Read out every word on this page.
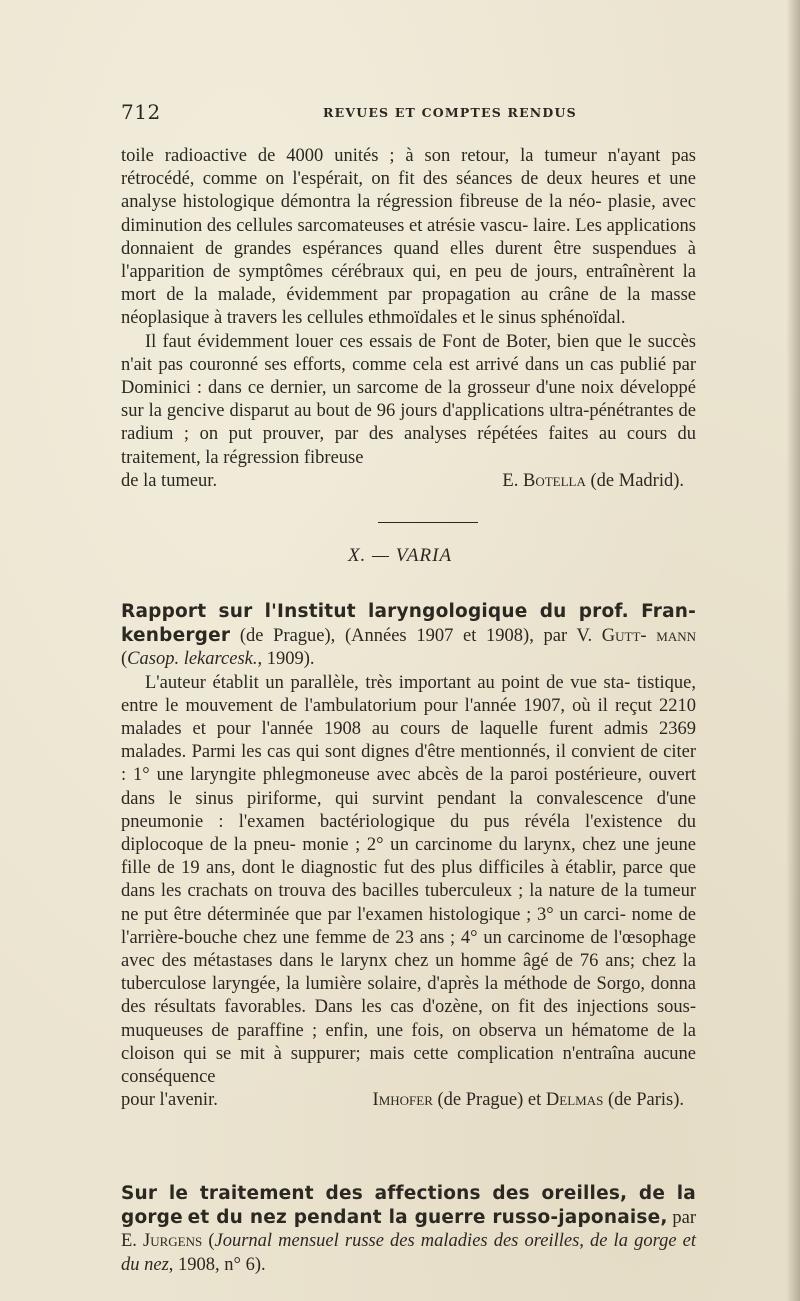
712	REVUES ET COMPTES RENDUS

toile radioactive de 4000 unités ; à son retour, la tumeur n'ayant pas rétrocédé, comme on l'espérait, on fit des séances de deux heures et une analyse histologique démontra la régression fibreuse de la néo- plasie, avec diminution des cellules sarcomateuses et atrésie vascu- laire. Les applications donnaient de grandes espérances quand elles durent être suspendues à l'apparition de symptômes cérébraux qui, en peu de jours, entraînèrent la mort de la malade, évidemment par propagation au crâne de la masse néoplasique à travers les cellules ethmoïdales et le sinus sphénoïdal.

Il faut évidemment louer ces essais de Font de Boter, bien que le succès n'ait pas couronné ses efforts, comme cela est arrivé dans un cas publié par Dominici : dans ce dernier, un sarcome de la grosseur d'une noix développé sur la gencive disparut au bout de 96 jours d'applications ultra-pénétrantes de radium ; on put prouver, par des analyses répétées faites au cours du traitement, la régression fibreuse

de la tumeur.	E. Botella (de Madrid).

X. — VARIA

Rapport sur l'Institut laryngologique du prof. Fran- kenberger (de Prague), (Années 1907 et 1908), par V. Gutt- mann (Casop. lekarcesk., 1909).

L'auteur établit un parallèle, très important au point de vue sta- tistique, entre le mouvement de l'ambulatorium pour l'année 1907, où il reçut 2210 malades et pour l'année 1908 au cours de laquelle furent admis 2369 malades. Parmi les cas qui sont dignes d'être mentionnés, il convient de citer : 1° une laryngite phlegmoneuse avec abcès de la paroi postérieure, ouvert dans le sinus piriforme, qui survint pendant la convalescence d'une pneumonie : l'examen bactériologique du pus révéla l'existence du diplocoque de la pneu- monie ; 2° un carcinome du larynx, chez une jeune fille de 19 ans, dont le diagnostic fut des plus difficiles à établir, parce que dans les crachats on trouva des bacilles tuberculeux ; la nature de la tumeur ne put être déterminée que par l'examen histologique ; 3° un carci- nome de l'arrière-bouche chez une femme de 23 ans ; 4° un carcinome de l'œsophage avec des métastases dans le larynx chez un homme âgé de 76 ans; chez la tuberculose laryngée, la lumière solaire, d'après la méthode de Sorgo, donna des résultats favorables. Dans les cas d'ozène, on fit des injections sous-muqueuses de paraffine ; enfin, une fois, on observa un hématome de la cloison qui se mit à suppurer; mais cette complication n'entraîna aucune conséquence

pour l'avenir.	Imhofer (de Prague) et Delmas (de Paris).

Sur le traitement des affections des oreilles, de la gorge et du nez pendant la guerre russo-japonaise, par E. Jurgens (Journal mensuel russe des maladies des oreilles, de la gorge et du nez, 1908, n° 6).
